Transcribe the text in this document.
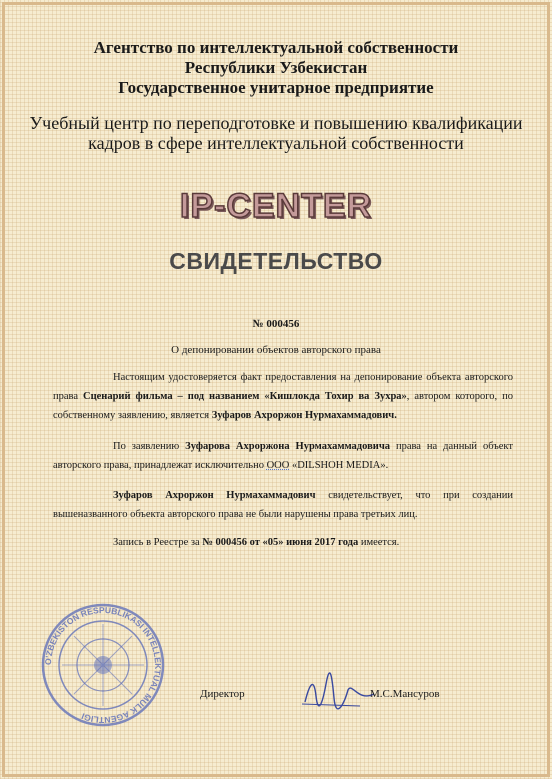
Агентство по интеллектуальной собственности
Республики Узбекистан
Государственное унитарное предприятие
Учебный центр по переподготовке и повышению квалификации
кадров в сфере интеллектуальной собственности
IP-CENTER
СВИДЕТЕЛЬСТВО
№ 000456
О депонировании объектов авторского права
Настоящим удостоверяется факт предоставления на депонирование объекта авторского права Сценарий фильма – под названием «Кишлокда Тохир ва Зухра», автором которого, по собственному заявлению, является Зуфаров Ахроржон Нурмахаммадович.
По заявлению Зуфарова Ахроржона Нурмахаммадовича права на данный объект авторского права, принадлежат исключительно ООО «DILSHOH MEDIA».
Зуфаров Ахроржон Нурмахаммадович свидетельствует, что при создании вышеназванного объекта авторского права не были нарушены права третьих лиц.
Запись в Реестре за № 000456 от «05» июня 2017 года имеется.
O'ZBEKISTON RESPUBLIKASI INTELLEKTUAL MULK AGENTLIGI
Директор	М.С.Мансуров
